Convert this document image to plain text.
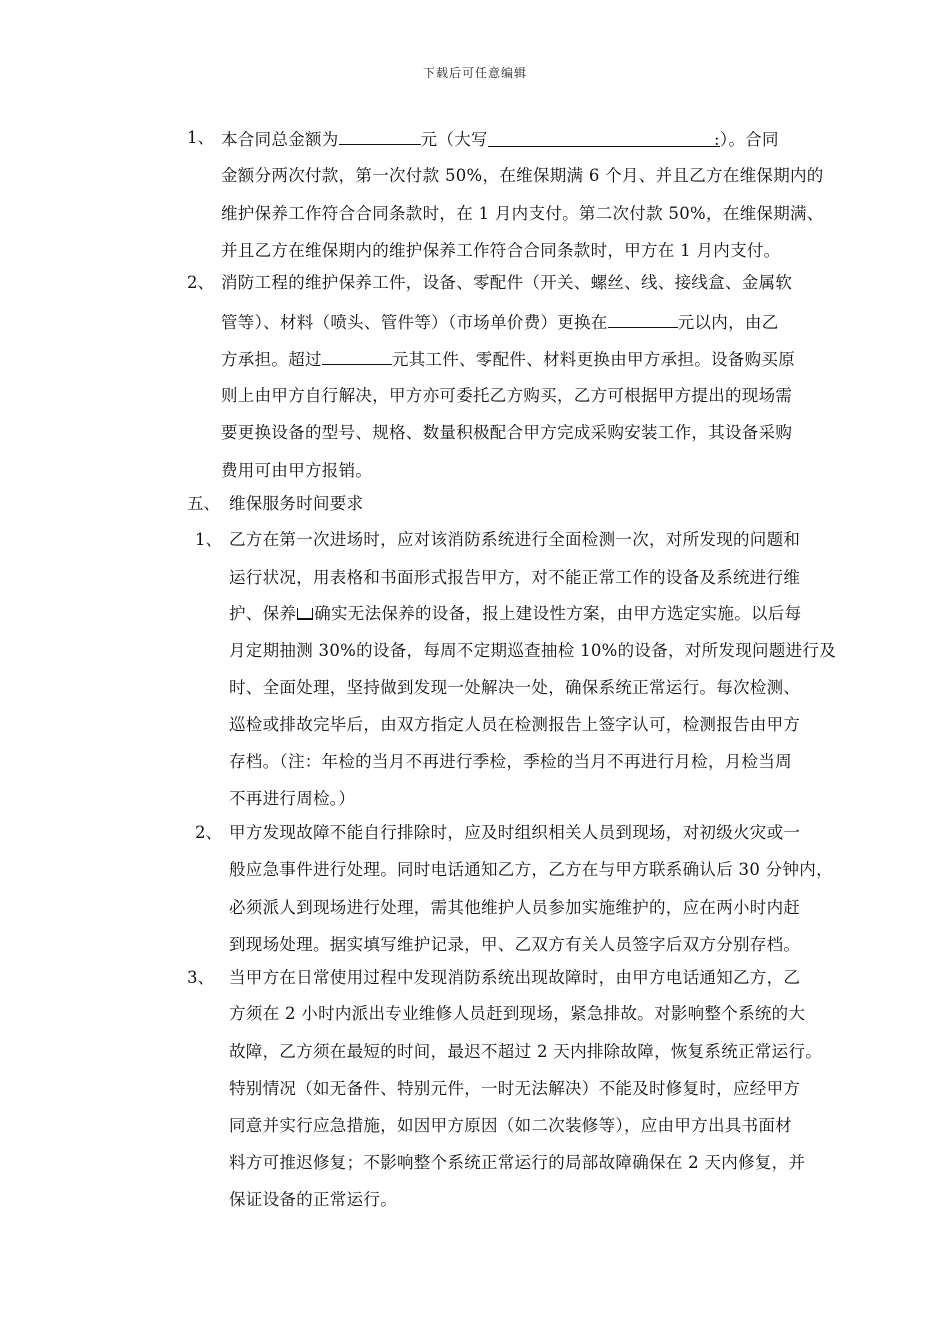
下载后可任意编辑
1、 本合同总金额为	元（大写	:）。合同
金额分两次付款，第一次付款 50%，在维保期满 6 个月、并且乙方在维保期内的
维护保养工作符合合同条款时，在 1 月内支付。第二次付款 50%，在维保期满、
并且乙方在维保期内的维护保养工作符合合同条款时，甲方在 1 月内支付。
2、 消防工程的维护保养工件，设备、零配件（开关、螺丝、线、接线盒、金属软
管等）、材料（喷头、管件等）（市场单价费）更换在	元以内，由乙
方承担。超过	元其工件、零配件、材料更换由甲方承担。设备购买原
则上由甲方自行解决，甲方亦可委托乙方购买，乙方可根据甲方提出的现场需
要更换设备的型号、规格、数量积极配合甲方完成采购安装工作，其设备采购
费用可由甲方报销。
五、 维保服务时间要求
1、 乙方在第一次进场时，应对该消防系统进行全面检测一次，对所发现的问题和
运行状况，用表格和书面形式报告甲方，对不能正常工作的设备及系统进行维
护、保养 确实无法保养的设备，报上建设性方案，由甲方选定实施。以后每
月定期抽测 30%的设备，每周不定期巡查抽检 10%的设备，对所发现问题进行及
时、全面处理，坚持做到发现一处解决一处，确保系统正常运行。每次检测、
巡检或排故完毕后，由双方指定人员在检测报告上签字认可，检测报告由甲方
存档。（注：年检的当月不再进行季检，季检的当月不再进行月检，月检当周
不再进行周检。）
2、 甲方发现故障不能自行排除时，应及时组织相关人员到现场，对初级火灾或一
般应急事件进行处理。同时电话通知乙方，乙方在与甲方联系确认后 30 分钟内，
必须派人到现场进行处理，需其他维护人员参加实施维护的，应在两小时内赶
到现场处理。据实填写维护记录，甲、乙双方有关人员签字后双方分别存档。
3、 当甲方在日常使用过程中发现消防系统出现故障时，由甲方电话通知乙方，乙
方须在 2 小时内派出专业维修人员赶到现场，紧急排故。对影响整个系统的大
故障，乙方须在最短的时间，最迟不超过 2 天内排除故障，恢复系统正常运行。
特别情况（如无备件、特别元件，一时无法解决）不能及时修复时，应经甲方
同意并实行应急措施，如因甲方原因（如二次装修等），应由甲方出具书面材
料方可推迟修复；不影响整个系统正常运行的局部故障确保在 2 天内修复，并
保证设备的正常运行。
